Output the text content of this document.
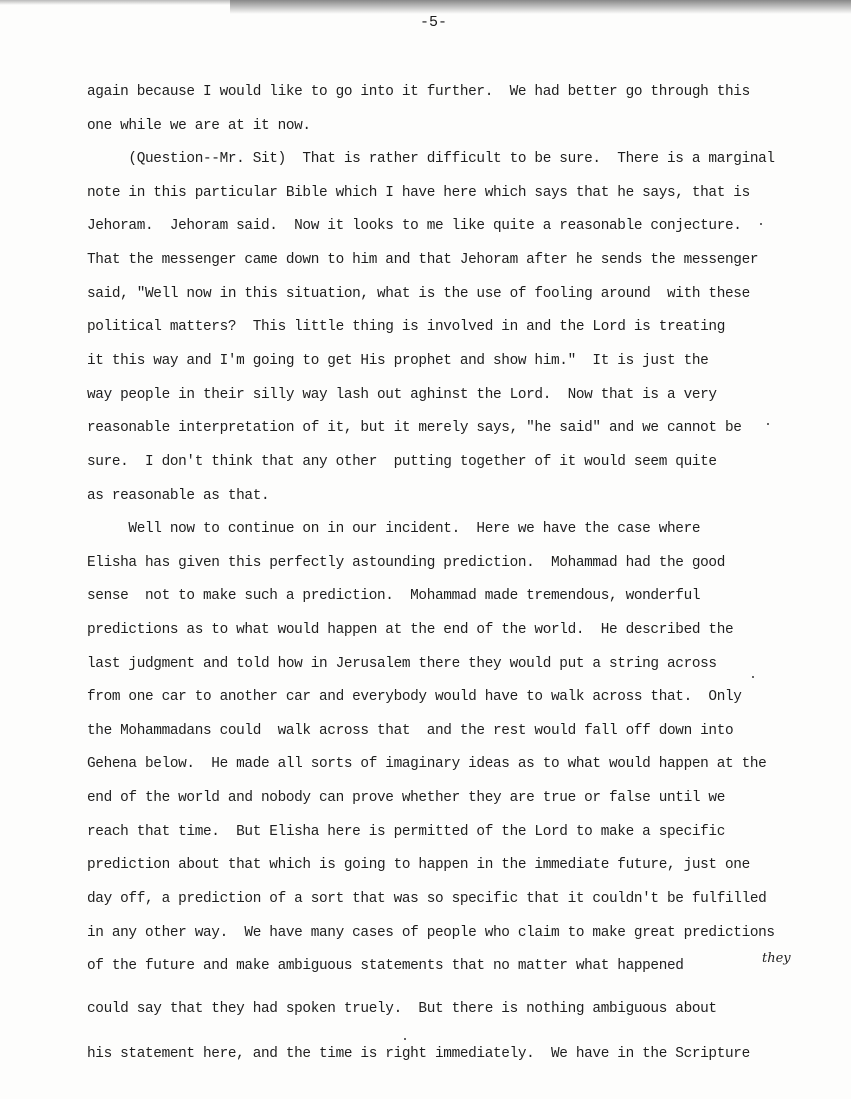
-5-
again because I would like to go into it further.  We had better go through this
one while we are at it now.
(Question--Mr. Sit)  That is rather difficult to be sure.  There is a marginal
note in this particular Bible which I have here which says that he says, that is
Jehoram.  Jehoram said.  Now it looks to me like quite a reasonable conjecture.
That the messenger came down to him and that Jehoram after he sends the messenger
said, "Well now in this situation, what is the use of fooling around  with these
political matters?  This little thing is involved in and the Lord is treating
it this way and I'm going to get His prophet and show him."  It is just the
way people in their silly way lash out aghinst the Lord.  Now that is a very
reasonable interpretation of it, but it merely says, "he said" and we cannot be
sure.  I don't think that any other  putting together of it would seem quite
as reasonable as that.
Well now to continue on in our incident.  Here we have the case where
Elisha has given this perfectly astounding prediction.  Mohammad had the good
sense  not to make such a prediction.  Mohammad made tremendous, wonderful
predictions as to what would happen at the end of the world.  He described the
last judgment and told how in Jerusalem there they would put a string across
from one car to another car and everybody would have to walk across that.  Only
the Mohammadans could  walk across that  and the rest would fall off down into
Gehena below.  He made all sorts of imaginary ideas as to what would happen at the
end of the world and nobody can prove whether they are true or false until we
reach that time.  But Elisha here is permitted of the Lord to make a specific
prediction about that which is going to happen in the immediate future, just one
day off, a prediction of a sort that was so specific that it couldn't be fulfilled
in any other way.  We have many cases of people who claim to make great predictions
of the future and make ambiguous statements that no matter what happened
could say that they had spoken truely.  But there is nothing ambiguous about
his statement here, and the time is right immediately.  We have in the Scripture
they
